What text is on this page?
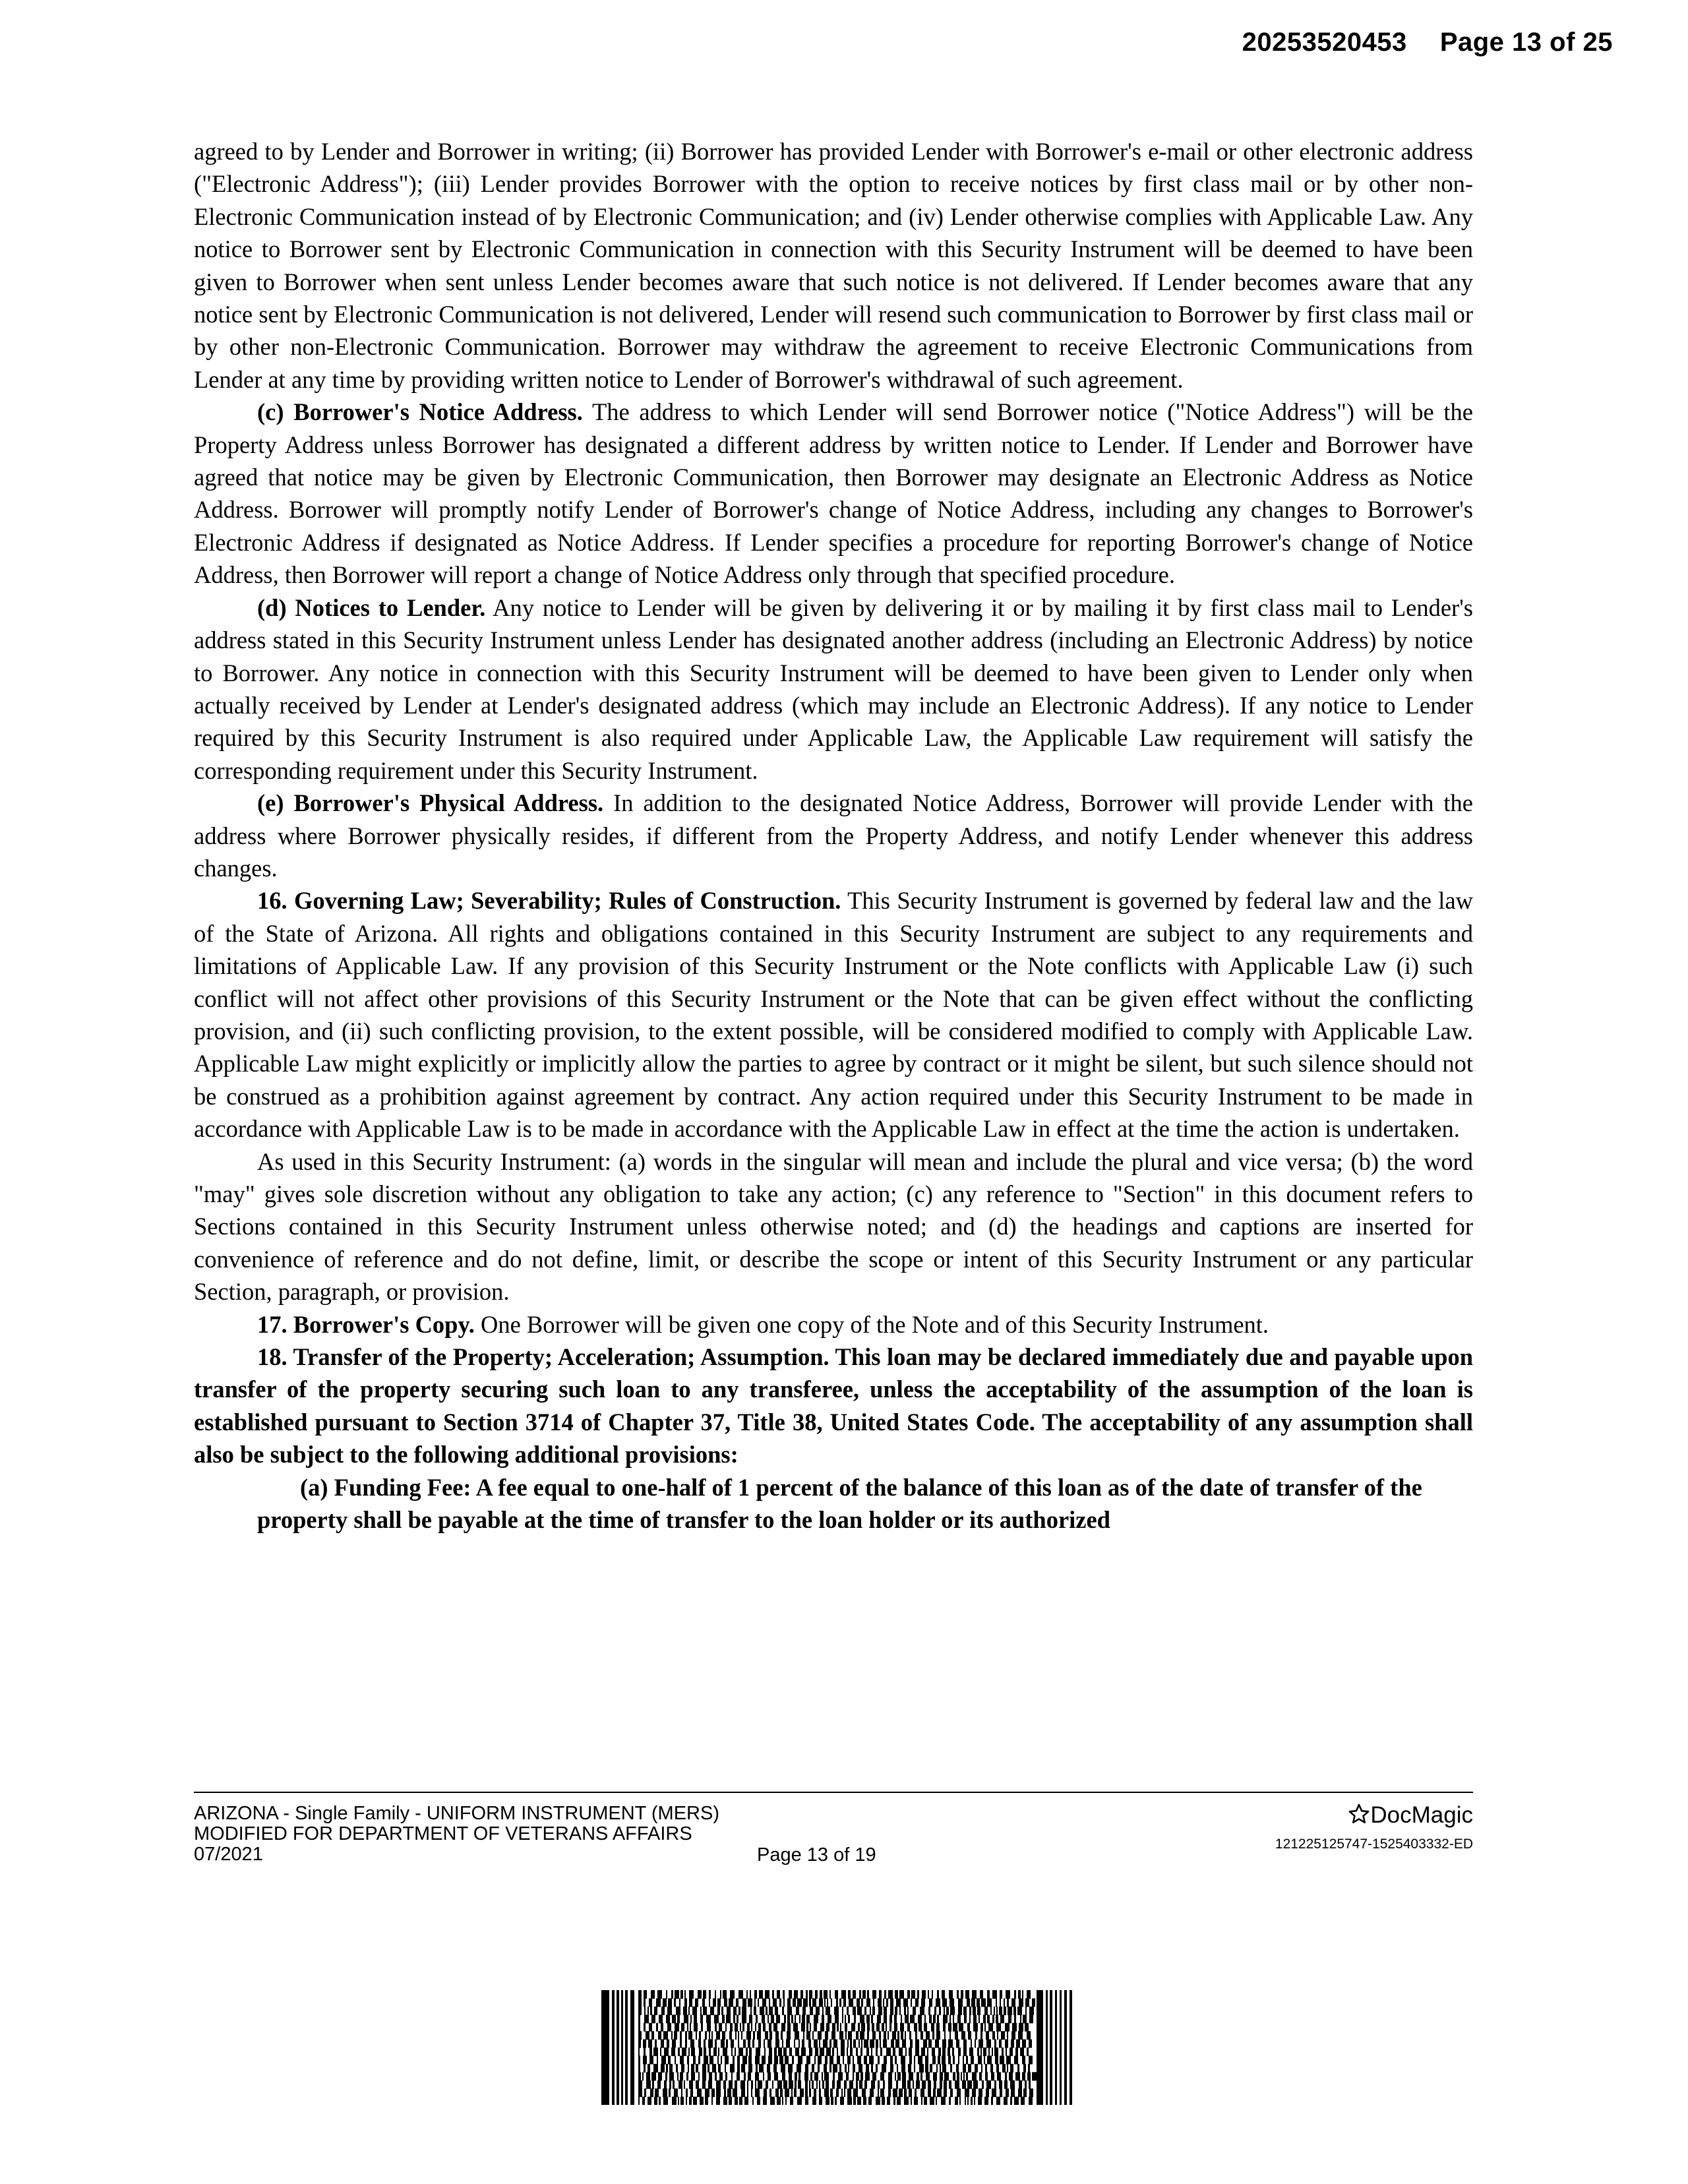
20253520453 Page 13 of 25

agreed to by Lender and Borrower in writing; (ii) Borrower has provided Lender with Borrower's e-mail or other electronic address ("Electronic Address"); (iii) Lender provides Borrower with the option to receive notices by first class mail or by other non-Electronic Communication instead of by Electronic Communication; and (iv) Lender otherwise complies with Applicable Law. Any notice to Borrower sent by Electronic Communication in connection with this Security Instrument will be deemed to have been given to Borrower when sent unless Lender becomes aware that such notice is not delivered. If Lender becomes aware that any notice sent by Electronic Communication is not delivered, Lender will resend such communication to Borrower by first class mail or by other non-Electronic Communication. Borrower may withdraw the agreement to receive Electronic Communications from Lender at any time by providing written notice to Lender of Borrower's withdrawal of such agreement.

(c) Borrower's Notice Address. The address to which Lender will send Borrower notice ("Notice Address") will be the Property Address unless Borrower has designated a different address by written notice to Lender. If Lender and Borrower have agreed that notice may be given by Electronic Communication, then Borrower may designate an Electronic Address as Notice Address. Borrower will promptly notify Lender of Borrower's change of Notice Address, including any changes to Borrower's Electronic Address if designated as Notice Address. If Lender specifies a procedure for reporting Borrower's change of Notice Address, then Borrower will report a change of Notice Address only through that specified procedure.

(d) Notices to Lender. Any notice to Lender will be given by delivering it or by mailing it by first class mail to Lender's address stated in this Security Instrument unless Lender has designated another address (including an Electronic Address) by notice to Borrower. Any notice in connection with this Security Instrument will be deemed to have been given to Lender only when actually received by Lender at Lender's designated address (which may include an Electronic Address). If any notice to Lender required by this Security Instrument is also required under Applicable Law, the Applicable Law requirement will satisfy the corresponding requirement under this Security Instrument.

(e) Borrower's Physical Address. In addition to the designated Notice Address, Borrower will provide Lender with the address where Borrower physically resides, if different from the Property Address, and notify Lender whenever this address changes.

16. Governing Law; Severability; Rules of Construction. This Security Instrument is governed by federal law and the law of the State of Arizona. All rights and obligations contained in this Security Instrument are subject to any requirements and limitations of Applicable Law. If any provision of this Security Instrument or the Note conflicts with Applicable Law (i) such conflict will not affect other provisions of this Security Instrument or the Note that can be given effect without the conflicting provision, and (ii) such conflicting provision, to the extent possible, will be considered modified to comply with Applicable Law. Applicable Law might explicitly or implicitly allow the parties to agree by contract or it might be silent, but such silence should not be construed as a prohibition against agreement by contract. Any action required under this Security Instrument to be made in accordance with Applicable Law is to be made in accordance with the Applicable Law in effect at the time the action is undertaken.

As used in this Security Instrument: (a) words in the singular will mean and include the plural and vice versa; (b) the word "may" gives sole discretion without any obligation to take any action; (c) any reference to "Section" in this document refers to Sections contained in this Security Instrument unless otherwise noted; and (d) the headings and captions are inserted for convenience of reference and do not define, limit, or describe the scope or intent of this Security Instrument or any particular Section, paragraph, or provision.

17. Borrower's Copy. One Borrower will be given one copy of the Note and of this Security Instrument.

18. Transfer of the Property; Acceleration; Assumption. This loan may be declared immediately due and payable upon transfer of the property securing such loan to any transferee, unless the acceptability of the assumption of the loan is established pursuant to Section 3714 of Chapter 37, Title 38, United States Code. The acceptability of any assumption shall also be subject to the following additional provisions:

(a) Funding Fee: A fee equal to one-half of 1 percent of the balance of this loan as of the date of transfer of the property shall be payable at the time of transfer to the loan holder or its authorized

ARIZONA - Single Family - UNIFORM INSTRUMENT (MERS)
MODIFIED FOR DEPARTMENT OF VETERANS AFFAIRS
07/2021	Page 13 of 19
DocMagic
121225125747-1525403332-ED
